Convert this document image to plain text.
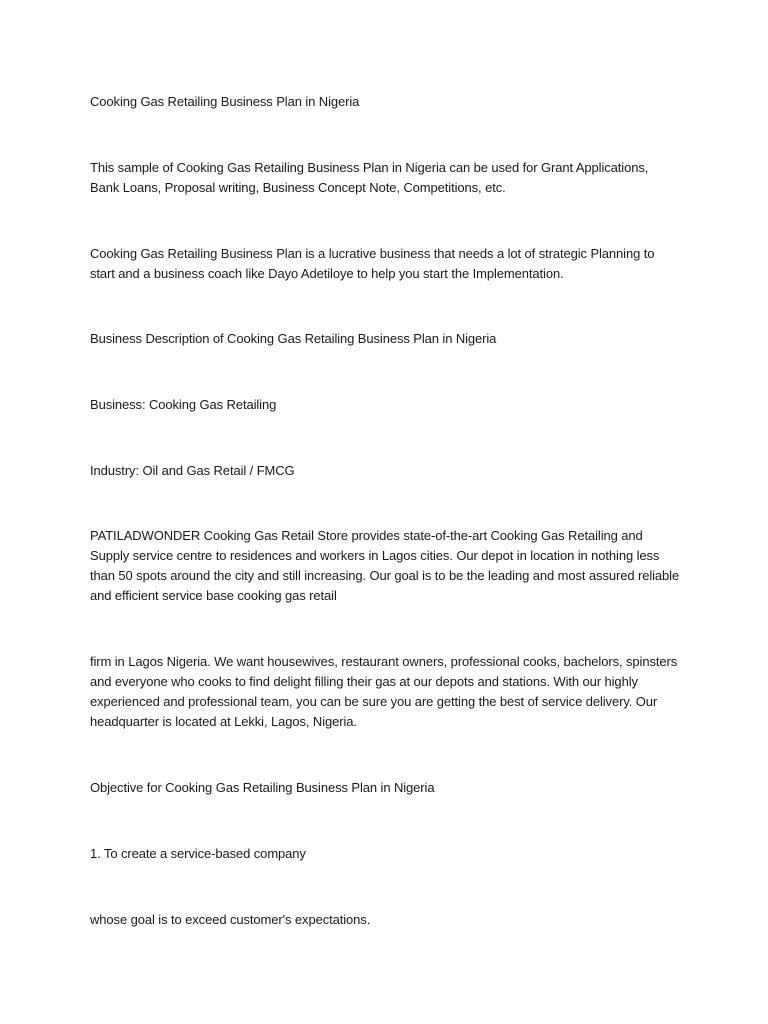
Cooking Gas Retailing Business Plan in Nigeria

This sample of Cooking Gas Retailing Business Plan in Nigeria can be used for Grant Applications, Bank Loans, Proposal writing, Business Concept Note, Competitions, etc.

Cooking Gas Retailing Business Plan is a lucrative business that needs a lot of strategic Planning to start and a business coach like Dayo Adetiloye to help you start the Implementation.

Business Description of Cooking Gas Retailing Business Plan in Nigeria

Business: Cooking Gas Retailing

Industry: Oil and Gas Retail / FMCG

PATILADWONDER Cooking Gas Retail Store provides state-of-the-art Cooking Gas Retailing and Supply service centre to residences and workers in Lagos cities. Our depot in location in nothing less than 50 spots around the city and still increasing. Our goal is to be the leading and most assured reliable and efficient service base cooking gas retail

firm in Lagos Nigeria. We want housewives, restaurant owners, professional cooks, bachelors, spinsters and everyone who cooks to find delight filling their gas at our depots and stations. With our highly experienced and professional team, you can be sure you are getting the best of service delivery. Our headquarter is located at Lekki, Lagos, Nigeria.

Objective for Cooking Gas Retailing Business Plan in Nigeria

1. To create a service-based company

whose goal is to exceed customer's expectations.
